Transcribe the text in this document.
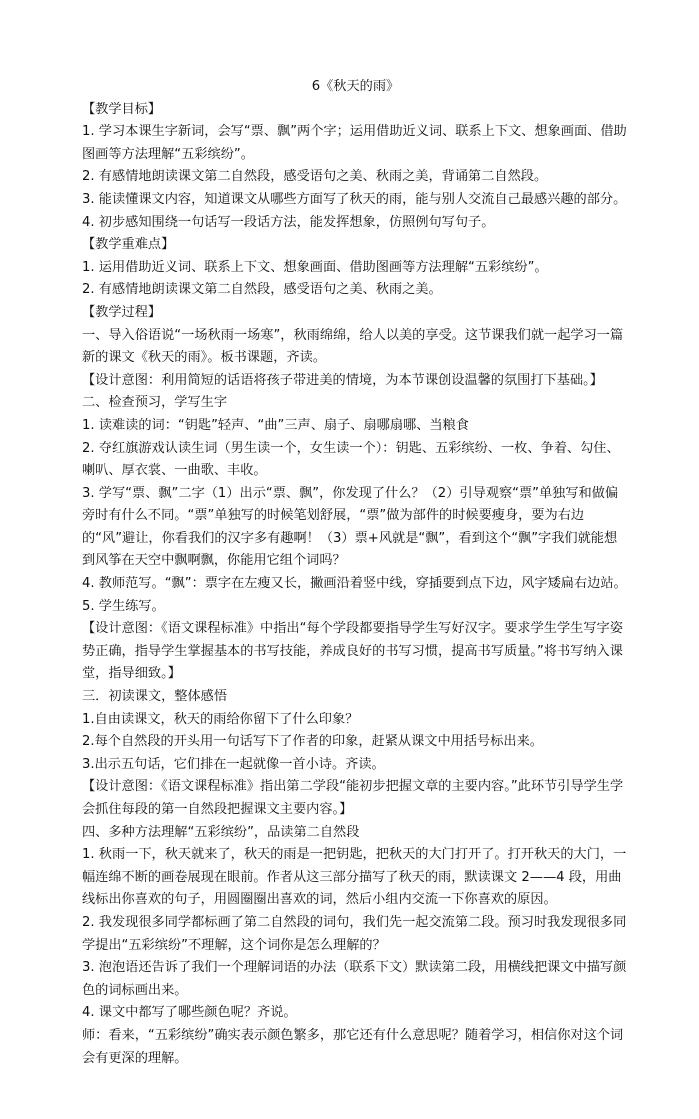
6《秋天的雨》

【教学目标】

1. 学习本课生字新词，会写“票、飘”两个字；运用借助近义词、联系上下文、想象画面、借助图画等方法理解“五彩缤纷”。

2. 有感情地朗读课文第二自然段，感受语句之美、秋雨之美，背诵第二自然段。

3. 能读懂课文内容，知道课文从哪些方面写了秋天的雨，能与别人交流自己最感兴趣的部分。

4. 初步感知围绕一句话写一段话方法，能发挥想象，仿照例句写句子。

【教学重难点】

1. 运用借助近义词、联系上下文、想象画面、借助图画等方法理解“五彩缤纷”。

2. 有感情地朗读课文第二自然段，感受语句之美、秋雨之美。

【教学过程】

一、导入俗语说“一场秋雨一场寒”，秋雨绵绵，给人以美的享受。这节课我们就一起学习一篇新的课文《秋天的雨》。板书课题，齐读。

【设计意图：利用简短的话语将孩子带进美的情境，为本节课创设温馨的氛围打下基础。】

二、检查预习，学写生字

1. 读难读的词：“钥匙”轻声、“曲”三声、扇子、扇哪扇哪、当粮食

2. 夺红旗游戏认读生词（男生读一个，女生读一个）：钥匙、五彩缤纷、一枚、争着、勾住、喇叭、厚衣裳、一曲歌、丰收。

3. 学写“票、飘”二字（1）出示“票、飘”，你发现了什么？（2）引导观察“票”单独写和做偏旁时有什么不同。“票”单独写的时候笔划舒展，“票”做为部件的时候要瘦身，要为右边的“风”避让，你看我们的汉字多有趣啊！（3）票+风就是“飘”，看到这个“飘”字我们就能想到风筝在天空中飘啊飘，你能用它组个词吗？

4. 教师范写。“飘”：票字在左瘦又长，撇画沿着竖中线，穿插要到点下边，风字矮扁右边站。

5. 学生练写。

【设计意图：《语文课程标准》中指出“每个学段都要指导学生写好汉字。要求学生学生写字姿势正确，指导学生掌握基本的书写技能，养成良好的书写习惯，提高书写质量。”将书写纳入课堂，指导细致。】

三．初读课文，整体感悟

1.自由读课文，秋天的雨给你留下了什么印象？

2.每个自然段的开头用一句话写下了作者的印象，赶紧从课文中用括号标出来。

3.出示五句话，它们排在一起就像一首小诗。齐读。

【设计意图：《语文课程标准》指出第二学段“能初步把握文章的主要内容。”此环节引导学生学会抓住每段的第一自然段把握课文主要内容。】

四、多种方法理解“五彩缤纷”，品读第二自然段

1. 秋雨一下，秋天就来了，秋天的雨是一把钥匙，把秋天的大门打开了。打开秋天的大门，一幅连绵不断的画卷展现在眼前。作者从这三部分描写了秋天的雨，默读课文 2——4 段，用曲线标出你喜欢的句子，用圆圈圈出喜欢的词，然后小组内交流一下你喜欢的原因。

2. 我发现很多同学都标画了第二自然段的词句，我们先一起交流第二段。预习时我发现很多同学提出“五彩缤纷”不理解，这个词你是怎么理解的？

3. 泡泡语还告诉了我们一个理解词语的办法（联系下文）默读第二段，用横线把课文中描写颜色的词标画出来。

4. 课文中都写了哪些颜色呢？齐说。

师：看来，“五彩缤纷”确实表示颜色繁多，那它还有什么意思呢？随着学习，相信你对这个词会有更深的理解。
